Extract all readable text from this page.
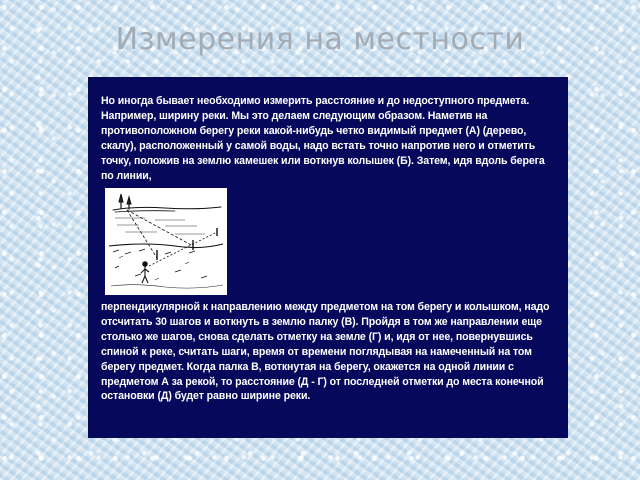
Измерения на местности

Но иногда бывает необходимо измерить расстояние и до недоступного предмета. Например, ширину реки. Мы это делаем следующим образом. Наметив на противоположном берегу реки какой-нибудь четко видимый предмет (А) (дерево, скалу), расположенный у самой воды, надо встать точно напротив него и отметить точку, положив на землю камешек или воткнув колышек (Б). Затем, идя вдоль берега по линии,

перпендикулярной к направлению между предметом на том берегу и колышком, надо отсчитать 30 шагов и воткнуть в землю палку (В). Пройдя в том же направлении еще столько же шагов, снова сделать отметку на земле (Г) и, идя от нее, повернувшись спиной к реке, считать шаги, время от времени поглядывая на намеченный на том берегу предмет. Когда палка В, воткнутая на берегу, окажется на одной линии с предметом А за рекой, то расстояние (Д - Г) от последней отметки до места конечной остановки (Д) будет равно ширине реки.
